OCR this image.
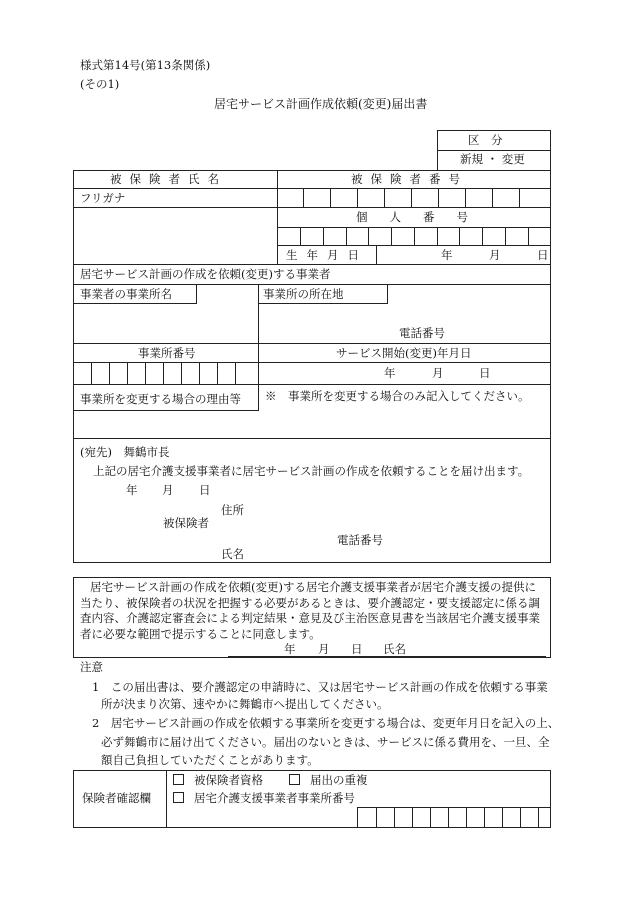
様式第14号(第13条関係)
(その1)
居宅サービス計画作成依頼(変更)届出書
区　分
新規 ・ 変更
被保険者氏名	被保険者番号
フリガナ
個人番号
生年月日	年	月	日
居宅サービス計画の作成を依頼(変更)する事業者
事業者の事業所名	事業所の所在地
電話番号
事業所番号	サービス開始(変更)年月日
年	月	日
事業所を変更する場合の理由等 ※　事業所を変更する場合のみ記入してください。
(宛先)　舞鶴市長
上記の居宅介護支援事業者に居宅サービス計画の作成を依頼することを届け出ます。
年 月 日
住所
被保険者
電話番号
氏名
居宅サービス計画の作成を依頼(変更)する居宅介護支援事業者が居宅介護支援の提供に
当たり、被保険者の状況を把握する必要があるときは、要介護認定・要支援認定に係る調
査内容、介護認定審査会による判定結果・意見及び主治医意見書を当該居宅介護支援事業
者に必要な範囲で提示することに同意します。
年 月 日 氏名
注意
1　この届出書は、要介護認定の申請時に、又は居宅サービス計画の作成を依頼する事業
所が決まり次第、速やかに舞鶴市へ提出してください。
2　居宅サービス計画の作成を依頼する事業所を変更する場合は、変更年月日を記入の上、
必ず舞鶴市に届け出てください。届出のないときは、サービスに係る費用を、一旦、全
額自己負担していただくことがあります。
保険者確認欄
被保険者資格	届出の重複
居宅介護支援事業者事業所番号
